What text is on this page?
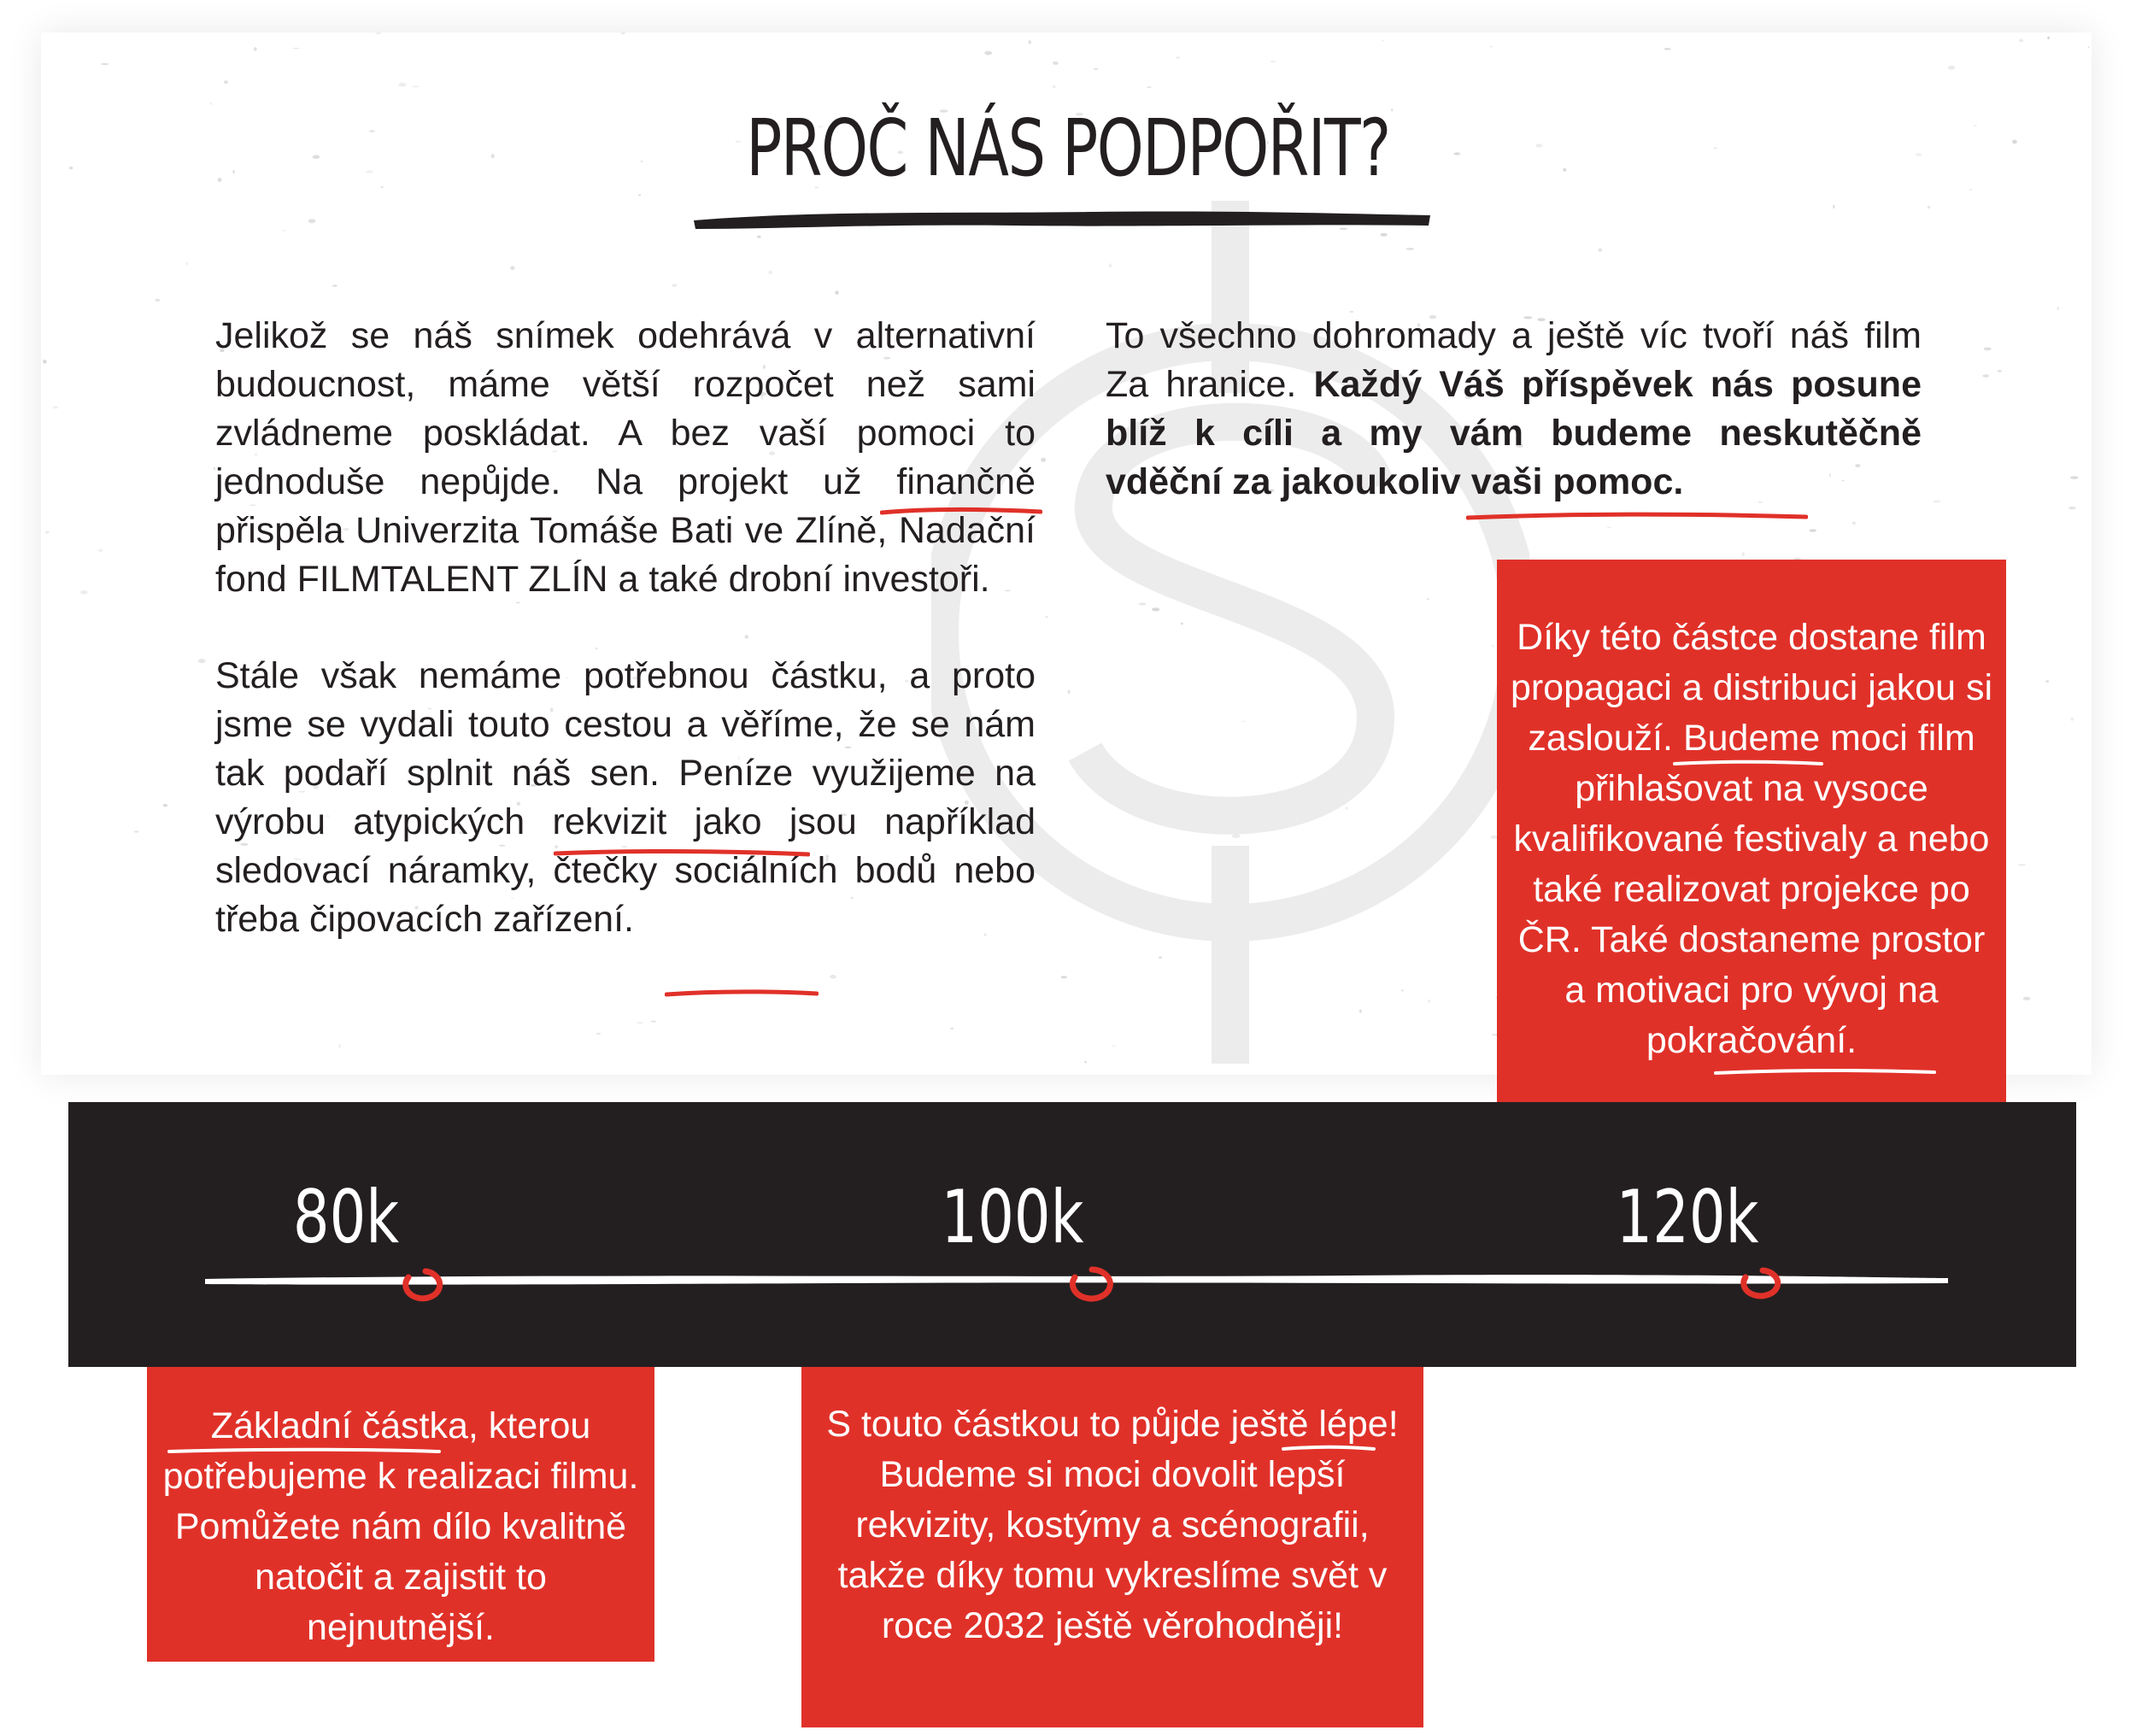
PROČ NÁS PODPOŘIT?

Jelikož se náš snímek odehrává v alternativní budoucnost, máme větší rozpočet než sami zvládneme poskládat. A bez vaší pomoci to jednoduše nepůjde. Na projekt už finančně přispěla Univerzita Tomáše Bati ve Zlíně, Nadační fond FILMTALENT ZLÍN a také drobní investoři.

Stále však nemáme potřebnou částku, a proto jsme se vydali touto cestou a věříme, že se nám tak podaří splnit náš sen. Peníze využijeme na výrobu atypických rekvizit jako jsou například sledovací náramky, čtečky sociálních bodů nebo třeba čipovacích zařízení.

To všechno dohromady a ještě víc tvoří náš film Za hranice. Každý Váš příspěvek nás posune blíž k cíli a my vám budeme neskutěčně vděční za jakoukoliv vaši pomoc.

Díky této částce dostane film propagaci a distribuci jakou si zaslouží. Budeme moci film přihlašovat na vysoce kvalifikované festivaly a nebo také realizovat projekce po ČR. Také dostaneme prostor a motivaci pro vývoj na pokračování.
80k	100k	120k
Základní částka, kterou potřebujeme k realizaci filmu. Pomůžete nám dílo kvalitně natočit a zajistit to nejnutnější.
S touto částkou to půjde ještě lépe! Budeme si moci dovolit lepší rekvizity, kostýmy a scénografii, takže díky tomu vykreslíme svět v roce 2032 ještě věrohodněji!
